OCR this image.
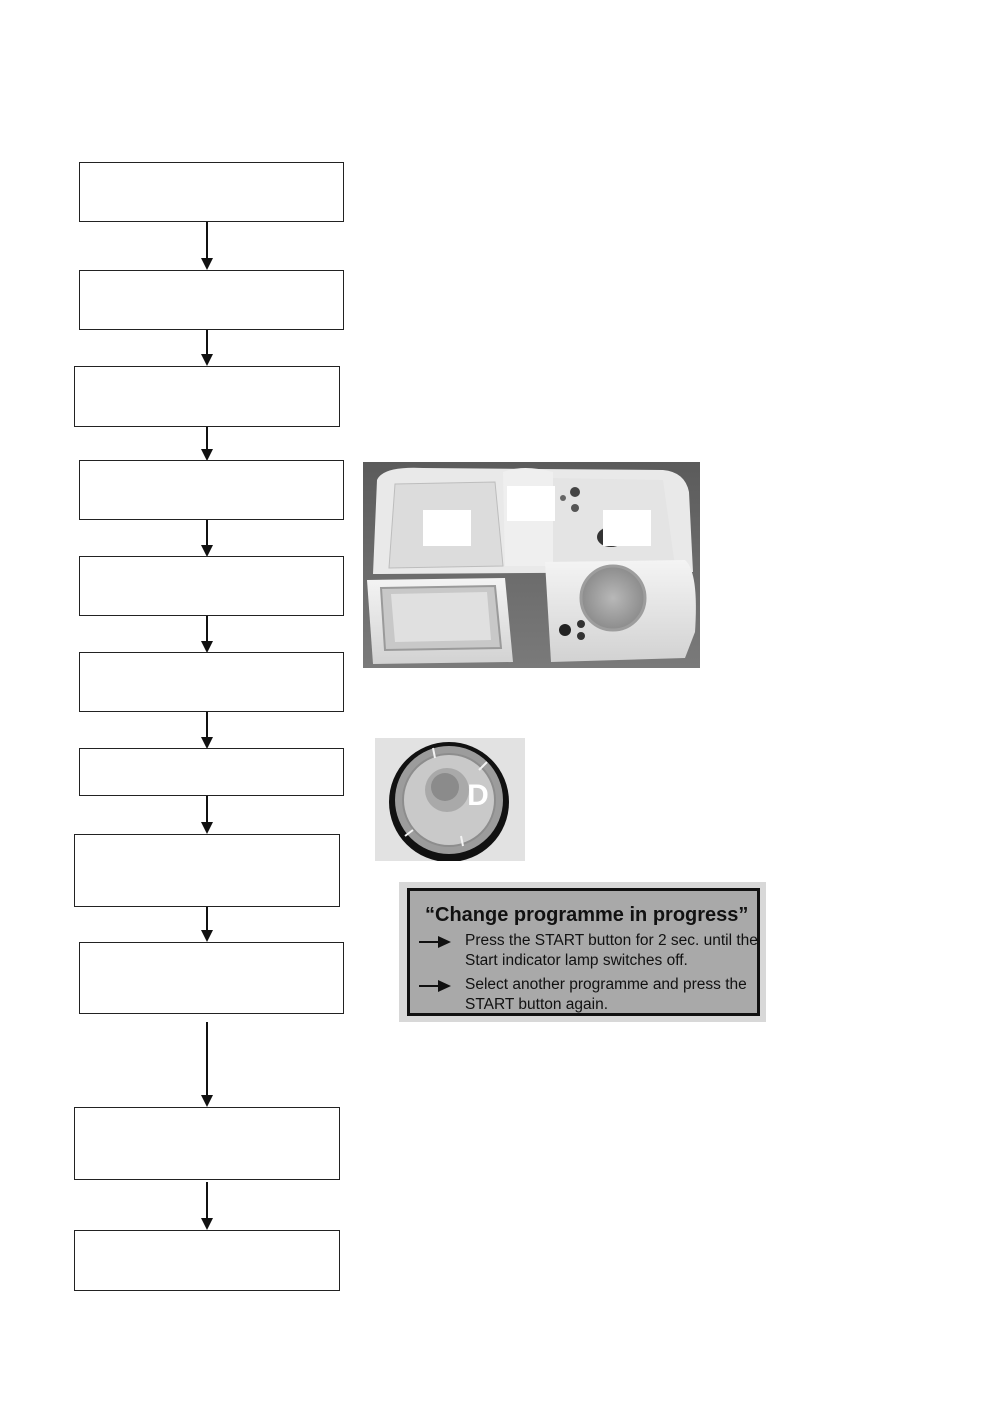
D
“Change programme in progress”
Press the START button for 2 sec. until the
Start indicator lamp switches off.
Select another programme and press the
START button again.
